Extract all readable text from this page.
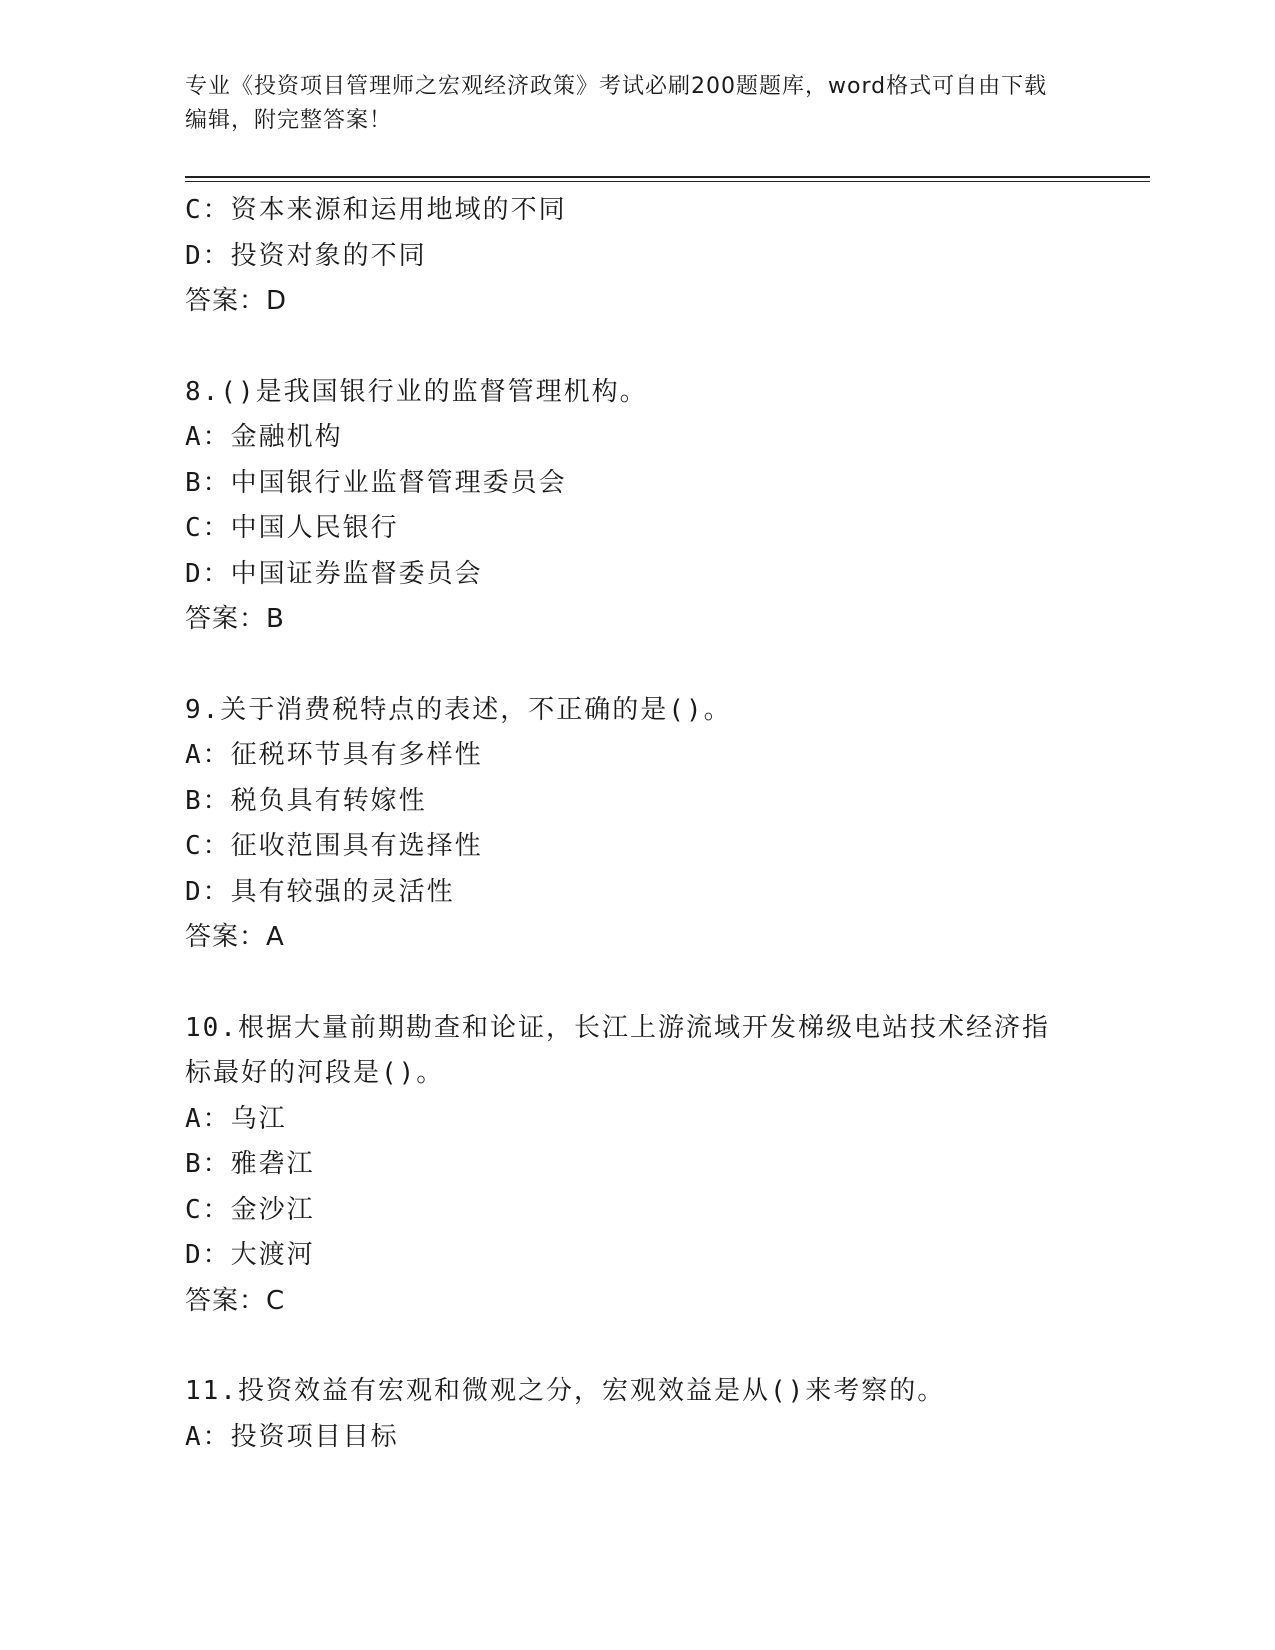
专业《投资项目管理师之宏观经济政策》考试必刷200题题库，word格式可自由下载编辑，附完整答案！
C：资本来源和运用地域的不同
D：投资对象的不同
答案：D
8.()是我国银行业的监督管理机构。
A：金融机构
B：中国银行业监督管理委员会
C：中国人民银行
D：中国证券监督委员会
答案：B
9.关于消费税特点的表述，不正确的是()。
A：征税环节具有多样性
B：税负具有转嫁性
C：征收范围具有选择性
D：具有较强的灵活性
答案：A
10.根据大量前期勘查和论证，长江上游流域开发梯级电站技术经济指
标最好的河段是()。
A：乌江
B：雅砻江
C：金沙江
D：大渡河
答案：C
11.投资效益有宏观和微观之分，宏观效益是从()来考察的。
A：投资项目目标
